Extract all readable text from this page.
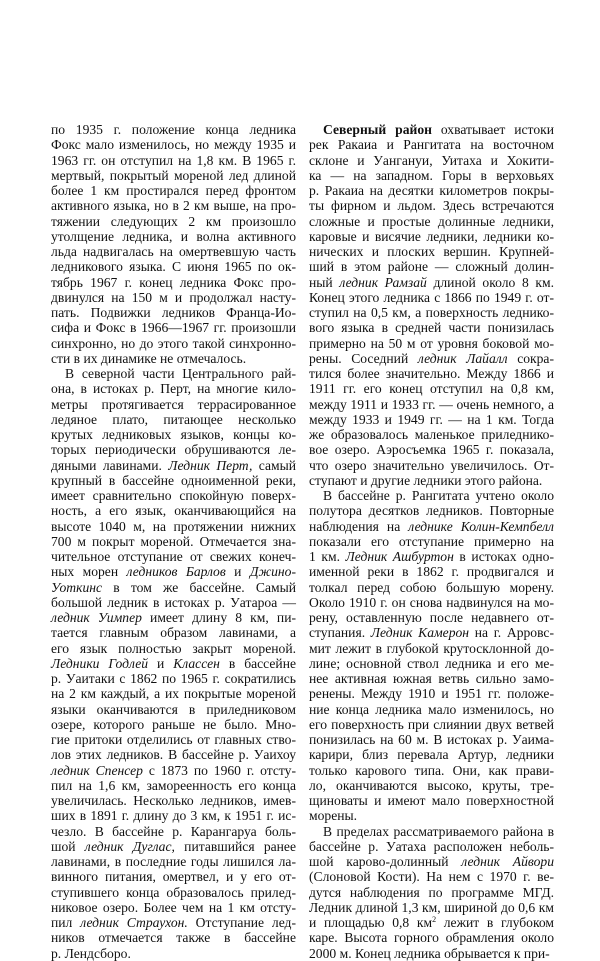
по 1935 г. положение конца ледника
Фокс мало изменилось, но между 1935 и
1963 гг. он отступил на 1,8 км. В 1965 г.
мертвый, покрытый мореной лед длиной
более 1 км простирался перед фронтом
активного языка, но в 2 км выше, на про-
тяжении следующих 2 км произошло
утолщение ледника, и волна активного
льда надвигалась на омертвевшую часть
ледникового языка. С июня 1965 по ок-
тябрь 1967 г. конец ледника Фокс про-
двинулся на 150 м и продолжал насту-
пать. Подвижки ледников Франца-Ио-
сифа и Фокс в 1966—1967 гг. произошли
синхронно, но до этого такой синхронно-
сти в их динамике не отмечалось.
В северной части Центрального рай-
она, в истоках р. Перт, на многие кило-
метры протягивается террасированное
ледяное плато, питающее несколько
крутых ледниковых языков, концы ко-
торых периодически обрушиваются ле-
дяными лавинами. Ледник Перт, самый
крупный в бассейне одноименной реки,
имеет сравнительно спокойную поверх-
ность, а его язык, оканчивающийся на
высоте 1040 м, на протяжении нижних
700 м покрыт мореной. Отмечается зна-
чительное отступание от свежих конеч-
ных морен ледников Барлов и Джино-
Уоткинс в том же бассейне. Самый
большой ледник в истоках р. Уатароа —
ледник Уимпер имеет длину 8 км, пи-
тается главным образом лавинами, а
его язык полностью закрыт мореной.
Ледники Годлей и Классен в бассейне
р. Уаитаки с 1862 по 1965 г. сократились
на 2 км каждый, а их покрытые мореной
языки оканчиваются в приледниковом
озере, которого раньше не было. Мно-
гие притоки отделились от главных ство-
лов этих ледников. В бассейне р. Уаихоу
ледник Спенсер с 1873 по 1960 г. отсту-
пил на 1,6 км, замореенность его конца
увеличилась. Несколько ледников, имев-
ших в 1891 г. длину до 3 км, к 1951 г. ис-
чезло. В бассейне р. Карангаруа боль-
шой ледник Дуглас, питавшийся ранее
лавинами, в последние годы лишился ла-
винного питания, омертвел, и у его от-
ступившего конца образовалось прилед-
никовое озеро. Более чем на 1 км отсту-
пил ледник Страухон. Отступание лед-
ников отмечается также в бассейне
р. Лендсборо.
Северный район охватывает истоки
рек Ракаиа и Рангитата на восточном
склоне и Уанганyи, Уитаха и Хокити-
ка — на западном. Горы в верховьях
р. Ракаиа на десятки километров покры-
ты фирном и льдом. Здесь встречаются
сложные и простые долинные ледники,
каровые и висячие ледники, ледники ко-
нических и плоских вершин. Крупней-
ший в этом районе — сложный долин-
ный ледник Рамзай длиной около 8 км.
Конец этого ледника с 1866 по 1949 г. от-
ступил на 0,5 км, а поверхность леднико-
вого языка в средней части понизилась
примерно на 50 м от уровня боковой мо-
рены. Соседний ледник Лайалл сокра-
тился более значительно. Между 1866 и
1911 гг. его конец отступил на 0,8 км,
между 1911 и 1933 гг. — очень немного, а
между 1933 и 1949 гг. — на 1 км. Тогда
же образовалось маленькое приледнико-
вое озеро. Аэросъемка 1965 г. показала,
что озеро значительно увеличилось. От-
ступают и другие ледники этого района.
В бассейне р. Рангитата учтено около
полутора десятков ледников. Повторные
наблюдения на леднике Колин-Кемпбелл
показали его отступание примерно на
1 км. Ледник Ашбуртон в истоках одно-
именной реки в 1862 г. продвигался и
толкал перед собою большую морену.
Около 1910 г. он снова надвинулся на мо-
рену, оставленную после недавнего от-
ступания. Ледник Камерон на г. Арровс-
мит лежит в глубокой крутосклонной до-
лине; основной ствол ледника и его ме-
нее активная южная ветвь сильно замо-
ренены. Между 1910 и 1951 гг. положе-
ние конца ледника мало изменилось, но
его поверхность при слиянии двух ветвей
понизилась на 60 м. В истоках р. Уаима-
карири, близ перевала Артур, ледники
только карового типа. Они, как прави-
ло, оканчиваются высоко, круты, тре-
щиноваты и имеют мало поверхностной
морены.
В пределах рассматриваемого района в
бассейне р. Уатаха расположен неболь-
шой карово-долинный ледник Айвори
(Слоновой Кости). На нем с 1970 г. ве-
дутся наблюдения по программе МГД.
Ледник длиной 1,3 км, шириной до 0,6 км
и площадью 0,8 $км^2$ лежит в глубоком
каре. Высота горного обрамления около
2000 м. Конец ледника обрывается к при-
